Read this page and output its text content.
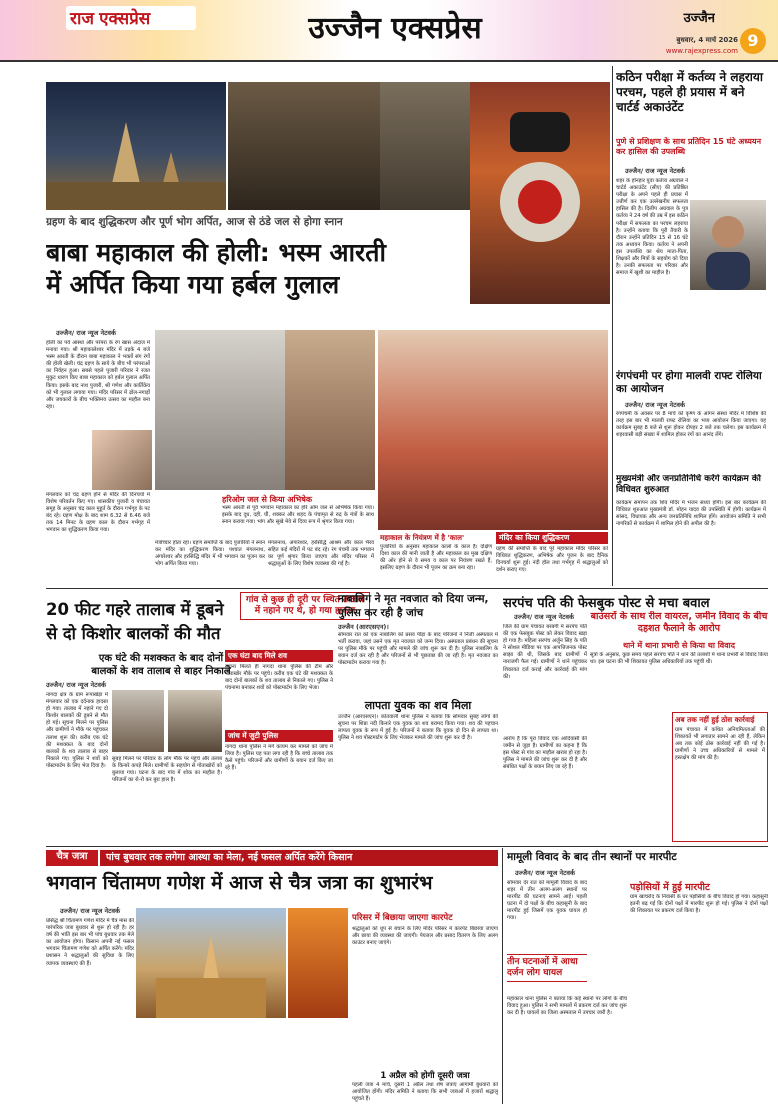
राज एक्सप्रेस	उज्जैन एक्सप्रेस	उज्जैन
बुधवार, 4 मार्च 2026
www.rajexpress.com
9
ग्रहण के बाद शुद्धिकरण और पूर्ण भोग अर्पित, आज से ठंडे जल से होगा स्नान
बाबा महाकाल की होली: भस्म आरती
में अर्पित किया गया हर्बल गुलाल
उज्जैन/ राज न्यूज नेटवर्क
होली का पर्व आस्था और परंपरा के रंग खास अंदाज में मनाया गया। श्री महाकालेश्वर मंदिर में तड़के 4 बजे भस्म आरती के दौरान बाबा महाकाल ने भक्तों संग रंगों की होली खेली। चंद्र ग्रहण के साये के बीच भी परंपराओं का निर्वहन हुआ। सबसे पहले पुजारी परिवार ने रजत मुकुट धारण किए बाबा महाकाल को हर्बल गुलाल अर्पित किया। इसके बाद नाथ पुजारी, श्री गणेश और कार्तिकेय को भी गुलाल लगाया गया। मंदिर परिसर में ढोल-नगाड़ों और जयकारों के बीच भक्तिमय उत्सव का माहौल बना रहा।
मंगलवार को चंद्र ग्रहण होने से मंदिर की दिनचर्या में विशेष परिवर्तन किए गए। शासकीय पुजारी व पंचायत समूह के अनुसार चंद्र काल मुहूर्त के दौरान गर्भगृह के पट बंद रहे। ग्रहण मोक्ष के बाद शाम 6.32 से 6.46 बजे तक 14 मिनट के ग्रहण काल के दौरान गर्भगृह में भगवान का शुद्धिकरण किया गया।
हरिओम जल से किया अभिषेक
भस्म आरती से पूर्व भगवान महाकाल का हरि ओम जल से अभिषेक किया गया। इसके बाद दूध, दही, घी, शक्कर और शहद के पंचामृत से रुद्र के मंत्रों के साथ स्नान कराया गया। भांग और सूखे मेवे से दिव्य रूप में श्रृंगार किया गया।
मंत्रोच्चार होता रहा। ग्रहण समाप्ति के बाद पुजारियों ने स्नान कर मंदिर का शुद्धिकरण किया। पश्चात मंगलनाथ, अंगारेश्वर और हरसिद्धि मंदिर में भी भगवान का पूजन कर भोग अर्पित किया गया।
मंगलनाथ, अंगारेश्वर, हरसिद्धि आश्रम और काल भैरव सहित कई मंदिरों में पट बंद रहे। रंग पंचमी तक भगवान का पूर्ण श्रृंगार किया जाएगा और मंदिर परिसर में श्रद्धालुओं के लिए विशेष व्यवस्था की गई है।
महाकाल के नियंत्रण में है 'काल'
पुजारियों के अनुसार महाकाल कालों के काल हैं। दक्षिण दिशा काल की मानी जाती है और महाकाल का मुख दक्षिण की ओर होने से वे समय व काल पर नियंत्रण रखते हैं, इसलिए ग्रहण के दौरान भी पूजन का क्रम बना रहा।
मंदिर का किया शुद्धिकरण
ग्रहण की समाप्ति के बाद पूरे महाकाल मंदिर परिसर को विधिवत शुद्धिकरण, अभिषेक और पूजन के बाद दैनिक दिनचर्या शुरू हुई। नंदी हॉल तथा गर्भगृह में श्रद्धालुओं को दर्शन कराए गए।
कठिन परीक्षा में कर्तव्य ने लहराया परचम, पहले ही प्रयास में बने चार्टर्ड अकाउंटेंट
पुणे से प्रशिक्षण के साथ प्रतिदिन 15 घंटे अध्ययन कर हासिल की उपलब्धि
उज्जैन/ राज न्यूज नेटवर्क
शहर के होनहार युवा कर्तव्य अग्रवाल ने चार्टर्ड अकाउंटेंट (सीए) की प्रतिष्ठित परीक्षा के अपने पहले ही प्रयास में उत्तीर्ण कर एक उल्लेखनीय सफलता हासिल की है। दिलीप अग्रवाल के पुत्र कर्तव्य ने 24 वर्ष की उम्र में इस कठिन परीक्षा में सफलता का परचम लहराया है। उन्होंने बताया कि पूरी तैयारी के दौरान उन्होंने प्रतिदिन 15 से 16 घंटे तक अध्ययन किया। कर्तव्य ने अपनी इस उपलब्धि का श्रेय माता-पिता, शिक्षकों और मित्रों के सहयोग को दिया है। उनकी सफलता पर परिवार और समाज में खुशी का माहौल है।
रंगपंचमी पर होगा मालवी राफ्ट रोलिया का आयोजन
उज्जैन/ राज न्यूज नेटवर्क
रंगपंचमी के अवसर पर 8 मार्च को कृष्ण के आंगन संस्था मंदिर में विशिष्ट की तरह इस बार भी मालवी राफ्ट रोलिया का भव्य आयोजन किया जाएगा। यह कार्यक्रम सुबह 8 बजे से शुरू होकर दोपहर 2 बजे तक चलेगा। इस कार्यक्रम में शहरवासी बड़ी संख्या में शामिल होकर रंगों का आनंद लेंगे।
मुख्यमंत्री और जनप्रतिनिधि करेंगे कार्यक्रम की विधिवत शुरुआत
कार्यक्रम समापन तक शिव मंदिर में भजन संध्या होगी। इस बार कार्यक्रम की विधिवत शुरुआत मुख्यमंत्री डॉ. मोहन यादव की उपस्थिति में होगी। कार्यक्रम में सांसद, विधायक और अन्य जनप्रतिनिधि शामिल होंगे। आयोजन समिति ने सभी नागरिकों से कार्यक्रम में शामिल होने की अपील की है।
20 फीट गहरे तालाब में डूबने
से दो किशोर बालकों की मौत
गांव से कुछ ही दूरी पर स्थित तालाब में नहाने गए थे, हो गया हादसा
एक घंटे की मशक्कत के बाद दोनों
बालकों के शव तालाब से बाहर निकाले
उज्जैन/ राज न्यूज नेटवर्क
नागदा क्षेत्र के ग्राम रूपाखेड़ा में मंगलवार को एक दर्दनाक हादसा हो गया। तालाब में नहाने गए दो किशोर बालकों की डूबने से मौत हो गई। सूचना मिलने पर पुलिस और ग्रामीणों ने मौके पर पहुंचकर तलाश शुरू की। करीब एक घंटे की मशक्कत के बाद दोनों बालकों के शव तालाब से बाहर निकाले गए। पुलिस ने शवों को पोस्टमार्टम के लिए भेज दिया है।
सुबह मिलने पर परिवार के लोग मौके पर पहुंचे और तलाब के किनारे कपड़े मिले। ग्रामीणों के सहयोग से गोताखोरों को बुलाया गया। घटना के बाद गांव में शोक का माहौल है। परिजनों का रो-रो कर बुरा हाल है।
एक घंटा बाद मिले शव
सूचना मिलते ही नागदा थाना पुलिस की टीम और गोताखोर मौके पर पहुंचे। करीब एक घंटे की मशक्कत के बाद दोनों बालकों के शव तालाब से निकाले गए। पुलिस ने पंचनामा बनाकर शवों को पोस्टमार्टम के लिए भेजा।
जांच में जुटी पुलिस
नागदा थाना पुलिस ने मर्ग कायम कर मामले को जांच में लिया है। पुलिस यह पता लगा रही है कि बच्चे तालाब तक कैसे पहुंचे। परिजनों और ग्रामीणों के बयान दर्ज किए जा रहे हैं।
नाबालिग ने मृत नवजात को दिया जन्म, पुलिस कर रही है जांच
उज्जैन (आरएसएन)।
सोमवार रात को एक नाबालिग को प्रसव पीड़ा के बाद परिजनों ने निजी अस्पताल में भर्ती कराया, जहां उसने एक मृत नवजात को जन्म दिया। अस्पताल प्रबंधन की सूचना पर पुलिस मौके पर पहुंची और मामले की जांच शुरू कर दी है। पुलिस नाबालिग के बयान दर्ज कर रही है और परिजनों से भी पूछताछ की जा रही है। मृत नवजात का पोस्टमार्टम कराया गया है।
लापता युवक का शव मिला
उज्जैन (आरएसएन)। कोतवाली थाना पुलिस ने बताया कि सोमवार सुबह लोगों की सूचना पर शिप्रा नदी किनारे एक युवक का शव बरामद किया गया। शव की पहचान लापता युवक के रूप में हुई है। परिजनों ने बताया कि युवक दो दिन से लापता था। पुलिस ने शव पोस्टमार्टम के लिए भेजकर मामले की जांच शुरू कर दी है।
सरपंच पति की फेसबुक पोस्ट से मचा बवाल
उज्जैन/ राज न्यूज नेटवर्क
जिले की ग्राम पंचायत बरबगी में सरपंच पति की एक फेसबुक पोस्ट को लेकर विवाद खड़ा हो गया है। महिला सरपंच अर्जुन सिंह के पति ने सोशल मीडिया पर एक आपत्तिजनक पोस्ट साझा की थी, जिसके बाद ग्रामीणों में नाराजगी फैल गई। ग्रामीणों ने थाने पहुंचकर शिकायत दर्ज कराई और कार्रवाई की मांग की।
आरोप है कि पूरा विवाद एक आदिवासी की जमीन से जुड़ा है। ग्रामीणों का कहना है कि इस पोस्ट से गांव का माहौल खराब हो रहा है। पुलिस ने मामले की जांच शुरू कर दी है और संबंधित पक्षों के बयान लिए जा रहे हैं।
बाउंसरों के साथ रील वायरल, जमीन विवाद के बीच दहशत फैलाने के आरोप
थाने में थाना प्रभारी से किया था विवाद
सूत्रों के अनुसार, कुछ समय पहले सरपंच पति ने थाने की तलाशी में थाना प्रभारी से विवाद किया था। इस घटना की भी शिकायत पुलिस अधिकारियों तक पहुंची थी।
अब तक नहीं हुई ठोस कार्रवाई
ग्राम पंचायत में कथित अनियमितताओं की शिकायतें भी लगातार सामने आ रही हैं, लेकिन अब तक कोई ठोस कार्रवाई नहीं की गई है। ग्रामीणों ने उच्च अधिकारियों से मामले में हस्तक्षेप की मांग की है।
चैत्र जत्रा	पांच बुधवार तक लगेगा आस्था का मेला, नई फसल अर्पित करेंगे किसान
भगवान चिंतामण गणेश में आज से चैत्र जत्रा का शुभारंभ
उज्जैन/ राज न्यूज नेटवर्क
प्रसिद्ध श्री चिंतामण गणेश मंदिर में चैत्र मास की पारंपरिक जत्रा बुधवार से शुरू हो रही है। हर वर्ष की भांति इस बार भी पांच बुधवार तक मेले का आयोजन होगा। किसान अपनी नई फसल भगवान चिंतामण गणेश को अर्पित करेंगे। मंदिर प्रशासन ने श्रद्धालुओं की सुविधा के लिए व्यापक व्यवस्थाएं की हैं।
परिसर में बिछाया जाएगा कारपेट
श्रद्धालुओं को धूप से बचाने के लिए मंदिर परिसर में कारपेट बिछाया जाएगा और छाया की व्यवस्था की जाएगी। पेयजल और प्रसाद वितरण के लिए अलग काउंटर बनाए जाएंगे।
1 अप्रैल को होगी दूसरी जत्रा
पहली जत्रा 4 मार्च, दूसरी 1 अप्रैल तथा शेष जत्राएं आगामी बुधवारों को आयोजित होंगी। मंदिर समिति ने बताया कि सभी जत्राओं में हजारों श्रद्धालु पहुंचते हैं।
मामूली विवाद के बाद तीन स्थानों पर मारपीट
उज्जैन/ राज न्यूज नेटवर्क
सोमवार देर रात को मामूली विवाद के बाद शहर में तीन अलग-अलग स्थानों पर मारपीट की घटनाएं सामने आईं। पहली घटना में दो पक्षों के बीच कहासुनी के बाद मारपीट हुई जिसमें एक युवक घायल हो गया।
तीन घटनाओं में आधा दर्जन लोग घायल
महाकाल थाना पुलिस ने बताया कि कई स्थानों पर लोगों के बीच विवाद हुआ। पुलिस ने सभी मामलों में प्रकरण दर्ज कर जांच शुरू कर दी है। घायलों का जिला अस्पताल में उपचार जारी है।
पड़ोसियों में हुई मारपीट
ग्राम खाचरोद के निवासी के घर पड़ोसियों के बीच विवाद हो गया। कहासुनी इतनी बढ़ गई कि दोनों पक्षों में मारपीट शुरू हो गई। पुलिस ने दोनों पक्षों की शिकायत पर प्रकरण दर्ज किया है।
